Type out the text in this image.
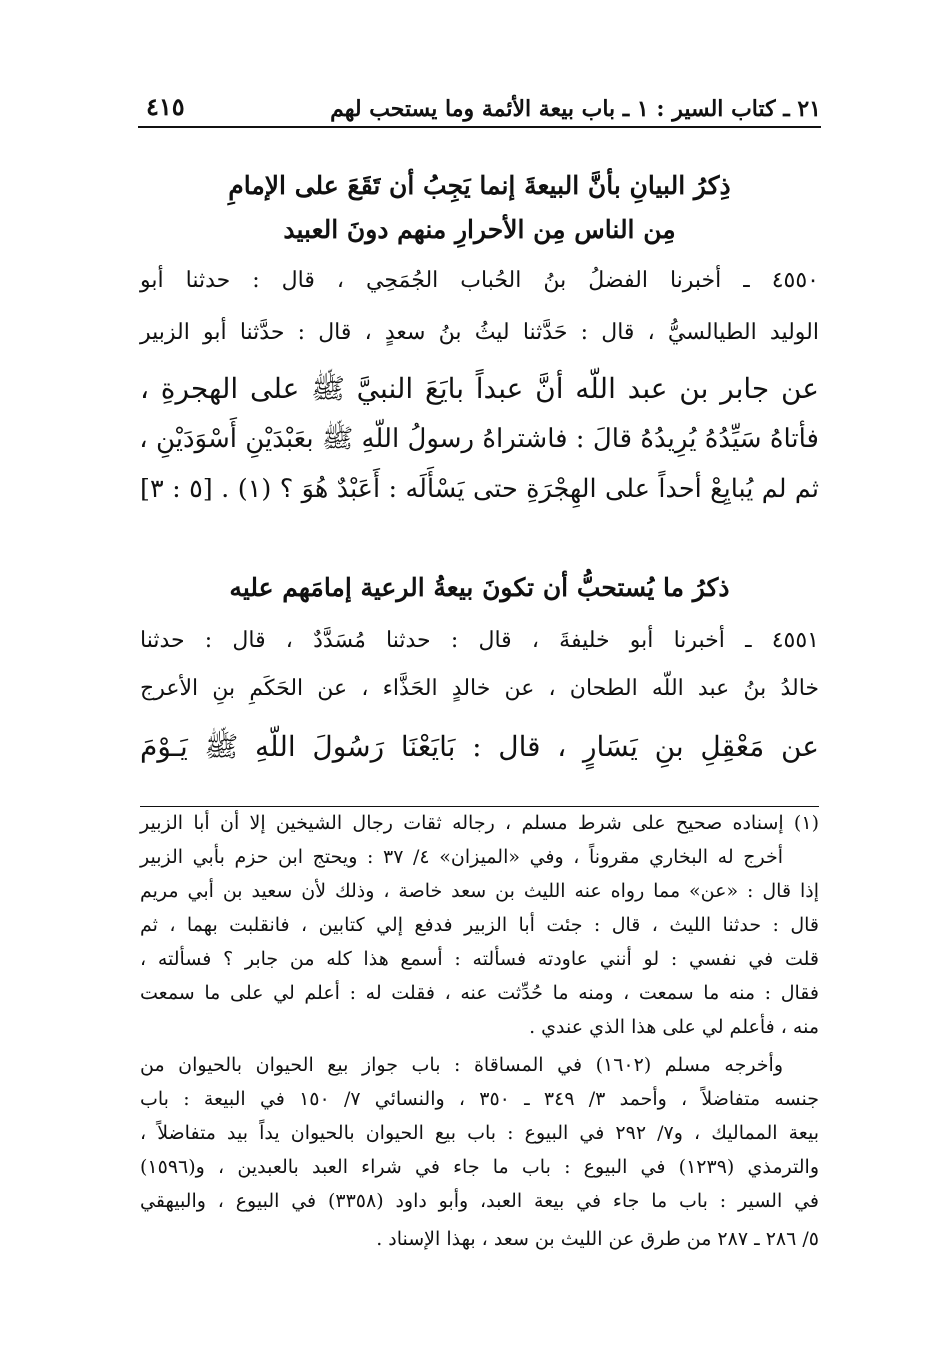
٢١ ـ كتاب السير : ١ ـ باب بيعة الأئمة وما يستحب لهم
٤١٥
ذِكرُ البيانِ بأنَّ البيعةَ إنما يَجِبُ أن تَقَعَ على الإمامِ
مِن الناس مِن الأحرارِ منهم دونَ العبيد
٤٥٥٠ ـ أخبرنا الفضلُ بنُ الحُباب الجُمَحِي ، قال : حدثنا أبو
الوليد الطيالسيُّ ، قال : حَدَّثنا ليثُ بنُ سعدٍ ، قال : حدَّثنا أبو الزبير
عن جابر بن عبد اللّه أنَّ عبداً بايَعَ النبيَّ ﷺ على الهجرةِ ،
فأتاهُ سَيِّدُهُ يُرِيدُهُ قالَ : فاشتراهُ رسولُ اللّهِ ﷺ بعَبْدَيْنِ أَسْوَدَيْنِ ،
ثم لم يُبايِعْ أحداً على الهِجْرَةِ حتى يَسْأَلَه : أَعَبْدٌ هُوَ ؟ (١) . [٥ : ٣]
ذكرُ ما يُستحبُّ أن تكونَ بيعةُ الرعية إمامَهم عليه
٤٥٥١ ـ أخبرنا أبو خليفةَ ، قال : حدثنا مُسَدَّدٌ ، قال : حدثنا
خالدُ بنُ عبد اللّه الطحان ، عن خالدٍ الحَذَّاء ، عن الحَكَمِ بنِ الأعرج
عن مَعْقِلِ بنِ يَسَارٍ ، قال : بَايَعْنَا رَسُولَ اللّهِ ﷺ يَـوْمَ
(١) إسناده صحيح على شرط مسلم ، رجاله ثقات رجال الشيخين إلا أن أبا الزبير
أخرج له البخاري مقروناً ، وفي «الميزان» ٤/ ٣٧ : ويحتج ابن حزم بأبي الزبير
إذا قال : «عن» مما رواه عنه الليث بن سعد خاصة ، وذلك لأن سعيد بن أبي مريم
قال : حدثنا الليث ، قال : جئت أبا الزبير فدفع إلي كتابين ، فانقلبت بهما ، ثم
قلت في نفسي : لو أنني عاودته فسألته : أسمع هذا كله من جابر ؟ فسألته ،
فقال : منه ما سمعت ، ومنه ما حُدِّثت عنه ، فقلت له : أعلم لي على ما سمعت
منه ، فأعلم لي على هذا الذي عندي .
وأخرجه مسلم (١٦٠٢) في المساقاة : باب جواز بيع الحيوان بالحيوان من
جنسه متفاضلاً ، وأحمد ٣/ ٣٤٩ ـ ٣٥٠ ، والنسائي ٧/ ١٥٠ في البيعة : باب
بيعة المماليك ، و٧/ ٢٩٢ في البيوع : باب بيع الحيوان بالحيوان يداً بيد متفاضلاً ،
والترمذي (١٢٣٩) في البيوع : باب ما جاء في شراء العبد بالعبدين ، و(١٥٩٦)
في السير : باب ما جاء في بيعة العبد، وأبو داود (٣٣٥٨) في البيوع ، والبيهقي
٥/ ٢٨٦ ـ ٢٨٧ من طرق عن الليث بن سعد ، بهذا الإسناد .
